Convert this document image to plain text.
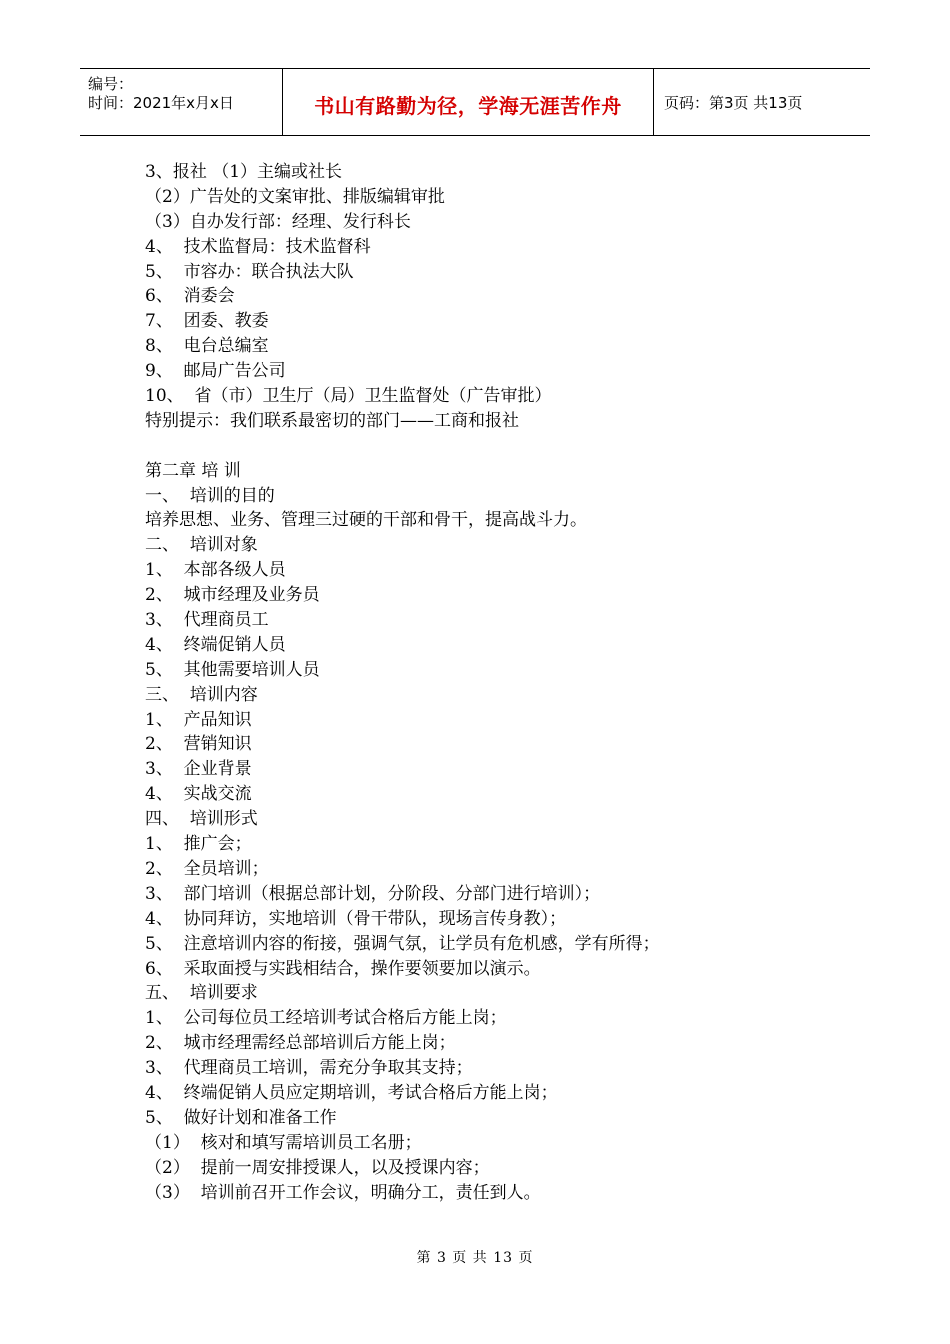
编号：
时间：2021年x月x日	书山有路勤为径，学海无涯苦作舟	页码：第3页 共13页
3、报社 （1）主编或社长
（2）广告处的文案审批、排版编辑审批
（3）自办发行部：经理、发行科长
4、  技术监督局：技术监督科
5、  市容办：联合执法大队
6、  消委会
7、  团委、教委
8、  电台总编室
9、  邮局广告公司
10、  省（市）卫生厅（局）卫生监督处（广告审批）
特别提示：我们联系最密切的部门——工商和报社
第二章 培 训
一、  培训的目的
培养思想、业务、管理三过硬的干部和骨干，提高战斗力。
二、  培训对象
1、  本部各级人员
2、  城市经理及业务员
3、  代理商员工
4、  终端促销人员
5、  其他需要培训人员
三、  培训内容
1、  产品知识
2、  营销知识
3、  企业背景
4、  实战交流
四、  培训形式
1、  推广会；
2、  全员培训；
3、  部门培训（根据总部计划，分阶段、分部门进行培训）；
4、  协同拜访，实地培训（骨干带队，现场言传身教）；
5、  注意培训内容的衔接，强调气氛，让学员有危机感，学有所得；
6、  采取面授与实践相结合，操作要领要加以演示。
五、  培训要求
1、  公司每位员工经培训考试合格后方能上岗；
2、  城市经理需经总部培训后方能上岗；
3、  代理商员工培训，需充分争取其支持；
4、  终端促销人员应定期培训，考试合格后方能上岗；
5、  做好计划和准备工作
（1）  核对和填写需培训员工名册；
（2）  提前一周安排授课人，以及授课内容；
（3）  培训前召开工作会议，明确分工，责任到人。
第 3 页 共 13 页
